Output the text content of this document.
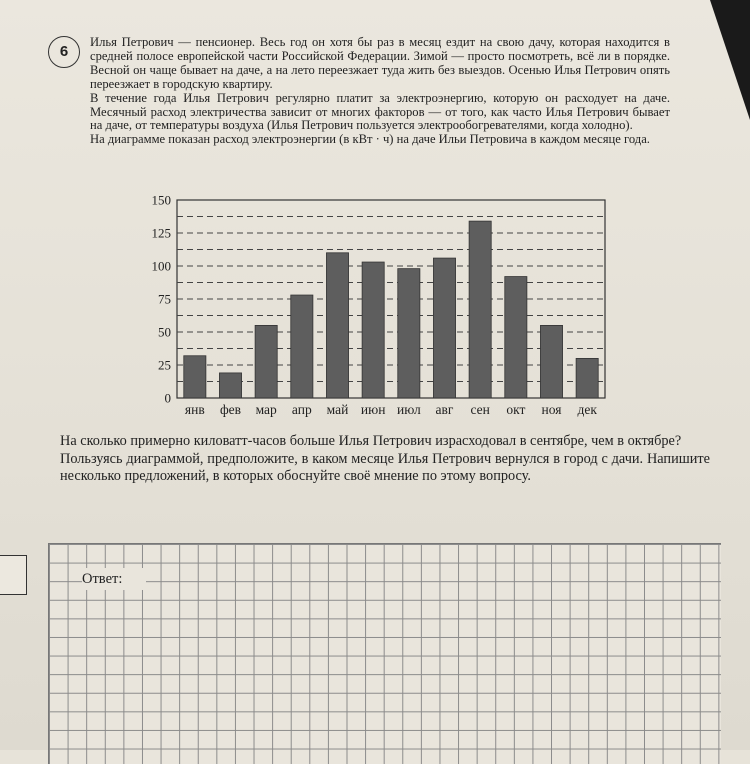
6

Илья Петрович — пенсионер. Весь год он хотя бы раз в месяц ездит на свою дачу, которая находится в средней полосе европейской части Российской Федерации. Зимой — просто посмотреть, всё ли в порядке. Весной он чаще бывает на даче, а на лето переезжает туда жить без выездов. Осенью Илья Петрович опять переезжает в городскую квартиру.

В течение года Илья Петрович регулярно платит за электроэнергию, которую он расходует на даче. Месячный расход электричества зависит от многих факторов — от того, как часто Илья Петрович бывает на даче, от температуры воздуха (Илья Петрович пользуется электрообогревателями, когда холодно).

На диаграмме показан расход электроэнергии (в кВт · ч) на даче Ильи Петровича в каждом месяце года.

0
25
50
75
100
125
150
янв фев мар апр май июн июл авг сен окт ноя дек

На сколько примерно киловатт-часов больше Илья Петрович израсходовал в сентябре, чем в октябре?

Пользуясь диаграммой, предположите, в каком месяце Илья Петрович вернулся в город с дачи. Напишите несколько предложений, в которых обоснуйте своё мнение по этому вопросу.

Ответ:
